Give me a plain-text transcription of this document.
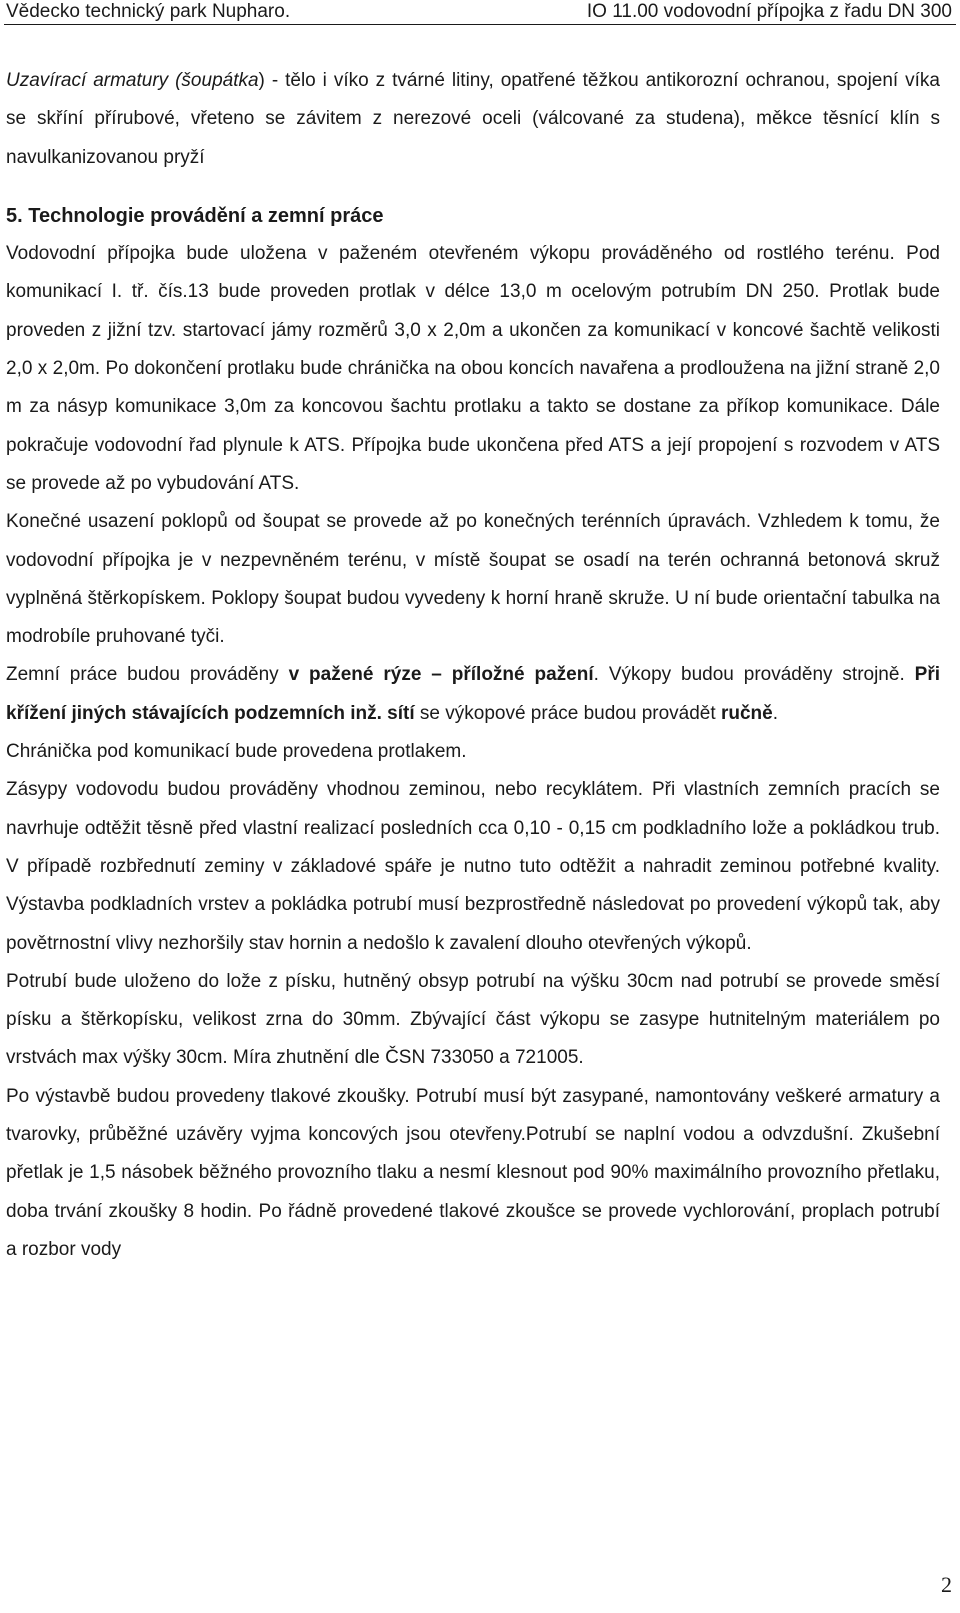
Vědecko technický park Nupharo.	IO 11.00 vodovodní přípojka z řadu DN 300

Uzavírací armatury (šoupátka) - tělo i víko z tvárné litiny, opatřené těžkou antikorozní ochranou, spojení víka se skříní přírubové, vřeteno se závitem z nerezové oceli (válcované za studena), měkce těsnící klín s navulkanizovanou pryží

5. Technologie provádění a zemní práce

Vodovodní přípojka bude uložena v paženém otevřeném výkopu prováděného od rostlého terénu. Pod komunikací I. tř. čís.13 bude proveden protlak v délce 13,0 m ocelovým potrubím DN 250. Protlak bude proveden z jižní tzv. startovací jámy rozměrů 3,0 x 2,0m a ukončen za komunikací v koncové šachtě velikosti 2,0 x 2,0m. Po dokončení protlaku bude chránička na obou koncích navařena a prodloužena na jižní straně 2,0 m za násyp komunikace 3,0m za koncovou šachtu protlaku a takto se dostane za příkop komunikace. Dále pokračuje vodovodní řad plynule k ATS. Přípojka bude ukončena před ATS a její propojení s rozvodem v ATS se provede až po vybudování ATS.

Konečné usazení poklopů od šoupat se provede až po konečných terénních úpravách. Vzhledem k tomu, že vodovodní přípojka je v nezpevněném terénu, v místě šoupat se osadí na terén ochranná betonová skruž vyplněná štěrkopískem. Poklopy šoupat budou vyvedeny k horní hraně skruže. U ní bude orientační tabulka na modrobíle pruhované tyči.

Zemní práce budou prováděny v pažené rýze – příložné pažení. Výkopy budou prováděny strojně. Při křížení jiných stávajících podzemních inž. sítí se výkopové práce budou provádět ručně.

Chránička pod komunikací bude provedena protlakem.

Zásypy vodovodu budou prováděny vhodnou zeminou, nebo recyklátem. Při vlastních zemních pracích se navrhuje odtěžit těsně před vlastní realizací posledních cca 0,10 - 0,15 cm podkladního lože a pokládkou trub. V případě rozbřednutí zeminy v základové spáře je nutno tuto odtěžit a nahradit zeminou potřebné kvality. Výstavba podkladních vrstev a pokládka potrubí musí bezprostředně následovat po provedení výkopů tak, aby povětrnostní vlivy nezhoršily stav hornin a nedošlo k zavalení dlouho otevřených výkopů.

Potrubí bude uloženo do lože z písku, hutněný obsyp potrubí na výšku 30cm nad potrubí se provede směsí písku a štěrkopísku, velikost zrna do 30mm. Zbývající část výkopu se zasype hutnitelným materiálem po vrstvách max výšky 30cm. Míra zhutnění dle ČSN 733050 a 721005.

Po výstavbě budou provedeny tlakové zkoušky. Potrubí musí být zasypané, namontovány veškeré armatury a tvarovky, průběžné uzávěry vyjma koncových jsou otevřeny.Potrubí se naplní vodou a odvzdušní. Zkušební přetlak je 1,5 násobek běžného provozního tlaku a nesmí klesnout pod 90% maximálního provozního přetlaku, doba trvání zkoušky 8 hodin. Po řádně provedené tlakové zkoušce se provede vychlorování, proplach potrubí a rozbor vody

2
